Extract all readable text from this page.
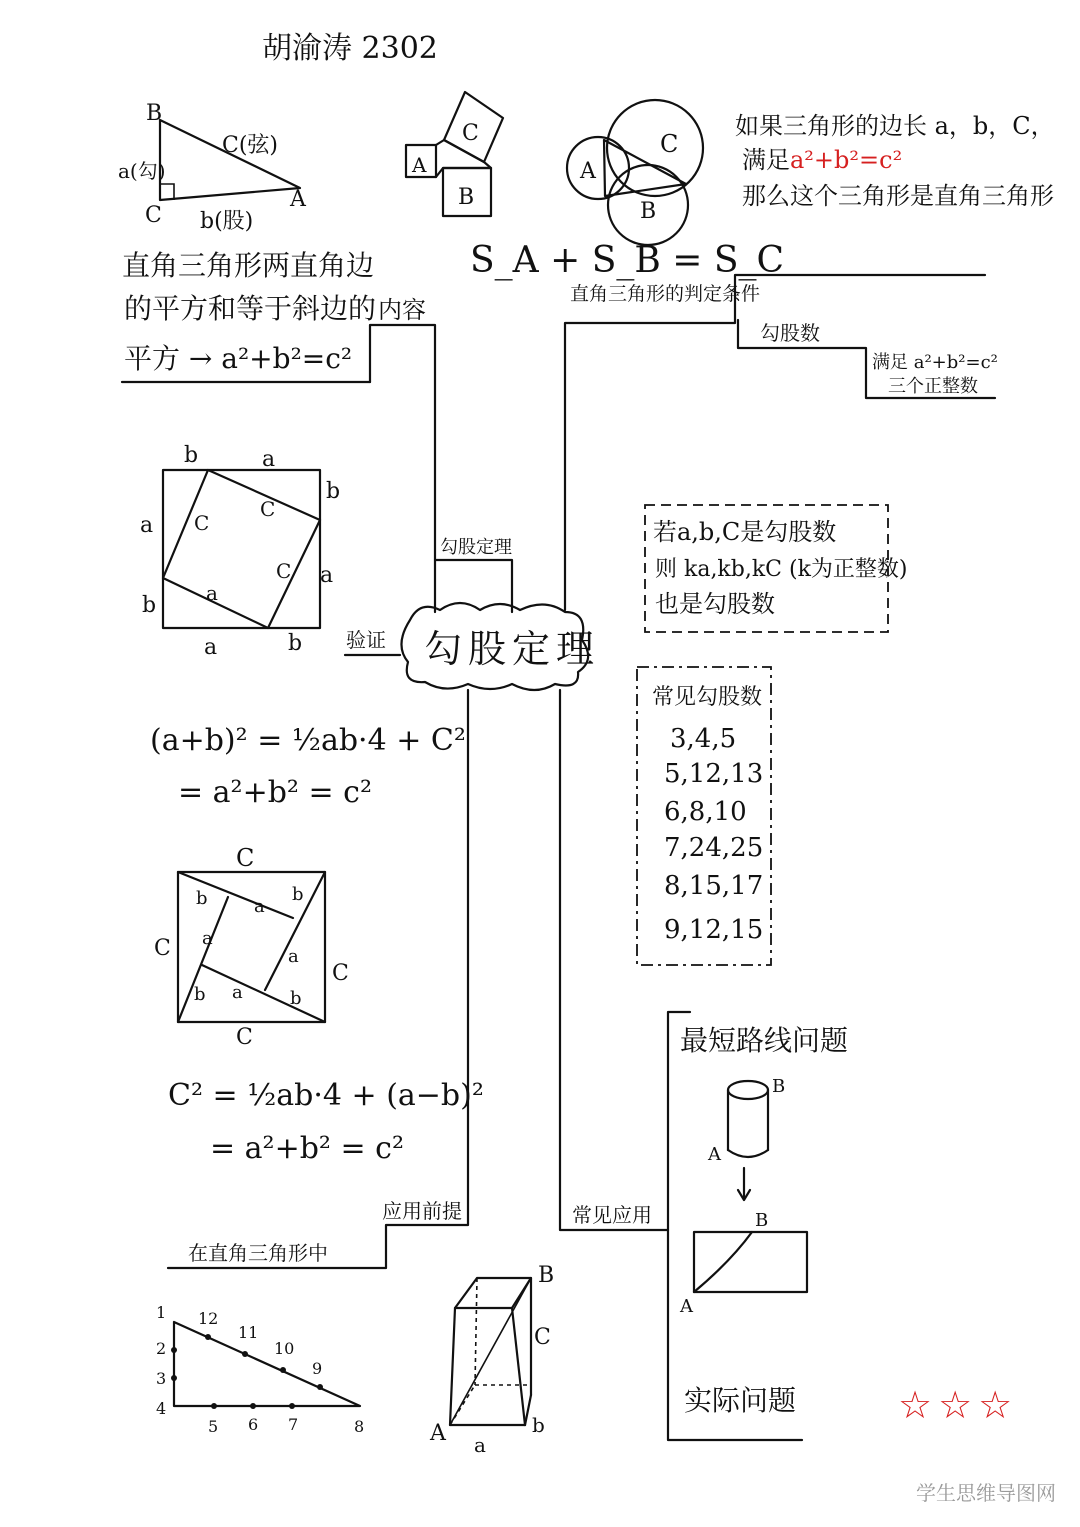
胡渝涛 2302
B
C
A
a(勾)
b(股)
C(弦)
直角三角形两直角边
的平方和等于斜边的
平方 → a²+b²=c²
A
C
B
A
C
B
S_A + S_B = S_C
如果三角形的边长 a，b，C，
满足 a²+b²=c²
那么这个三角形是直角三角形
内容
勾股定理
验证
应用前提
直角三角形的判定条件
常见应用
勾股数
满足 a²+b²=c²
三个正整数
勾股定理
b	a
a
b
b
a
a	b
C
C
C
a
(a+b)² = ½ab·4 + C²
= a²+b² = c²
C
C
C
C
b	a
b
a
a
b a	b
C² = ½ab·4 + (a−b)²
= a²+b² = c²
在直角三角形中
1
2
3
4
5 6 7	8
9
10
11
12
A
B
a
b
C
若a,b,C是勾股数
则 ka,kb,kC (k为正整数)
也是勾股数
常见勾股数
3,4,5
5,12,13
6,8,10
7,24,25
8,15,17
9,12,15
最短路线问题
A
B
A
B
实际问题	☆☆☆
学生思维导图网
